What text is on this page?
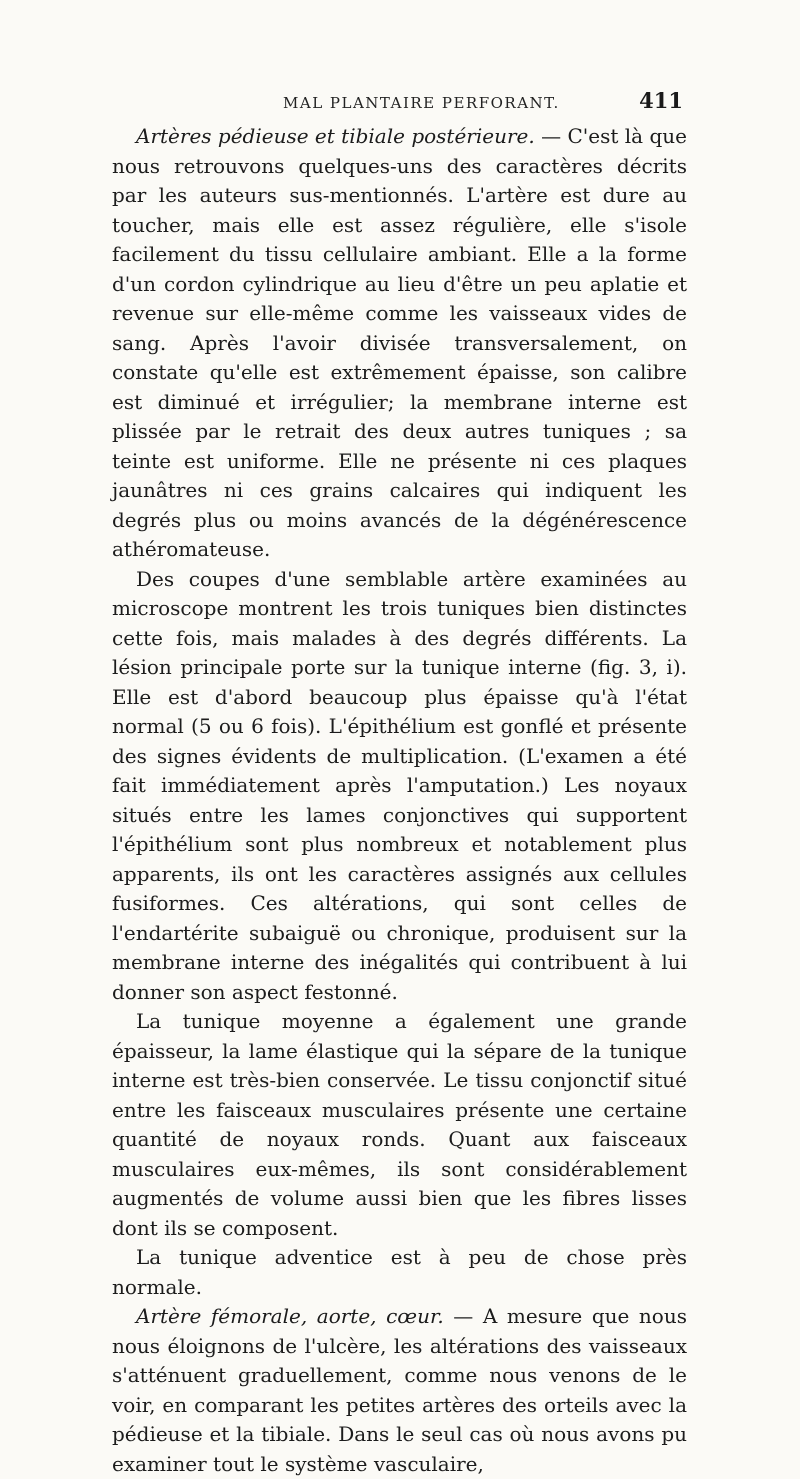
MAL PLANTAIRE PERFORANT.	411

Artères pédieuse et tibiale postérieure. — C'est là que nous retrouvons quelques-uns des caractères décrits par les auteurs sus-mentionnés. L'artère est dure au toucher, mais elle est assez régulière, elle s'isole facilement du tissu cellulaire ambiant. Elle a la forme d'un cordon cylindrique au lieu d'être un peu aplatie et revenue sur elle-même comme les vaisseaux vides de sang. Après l'avoir divisée transversalement, on constate qu'elle est extrêmement épaisse, son calibre est diminué et irrégulier; la membrane interne est plissée par le retrait des deux autres tuniques ; sa teinte est uniforme. Elle ne présente ni ces plaques jaunâtres ni ces grains calcaires qui indiquent les degrés plus ou moins avancés de la dégénérescence athéromateuse.

Des coupes d'une semblable artère examinées au microscope montrent les trois tuniques bien distinctes cette fois, mais malades à des degrés différents. La lésion principale porte sur la tunique interne (fig. 3, i). Elle est d'abord beaucoup plus épaisse qu'à l'état normal (5 ou 6 fois). L'épithélium est gonflé et présente des signes évidents de multiplication. (L'examen a été fait immédiatement après l'amputation.) Les noyaux situés entre les lames conjonctives qui supportent l'épithélium sont plus nombreux et notablement plus apparents, ils ont les caractères assignés aux cellules fusiformes. Ces altérations, qui sont celles de l'endartérite subaiguë ou chronique, produisent sur la membrane interne des inégalités qui contribuent à lui donner son aspect festonné.

La tunique moyenne a également une grande épaisseur, la lame élastique qui la sépare de la tunique interne est très-bien conservée. Le tissu conjonctif situé entre les faisceaux musculaires présente une certaine quantité de noyaux ronds. Quant aux faisceaux musculaires eux-mêmes, ils sont considérablement augmentés de volume aussi bien que les fibres lisses dont ils se composent.

La tunique adventice est à peu de chose près normale.

Artère fémorale, aorte, cœur. — A mesure que nous nous éloignons de l'ulcère, les altérations des vaisseaux s'atténuent graduellement, comme nous venons de le voir, en comparant les petites artères des orteils avec la pédieuse et la tibiale. Dans le seul cas où nous avons pu examiner tout le système vasculaire,
